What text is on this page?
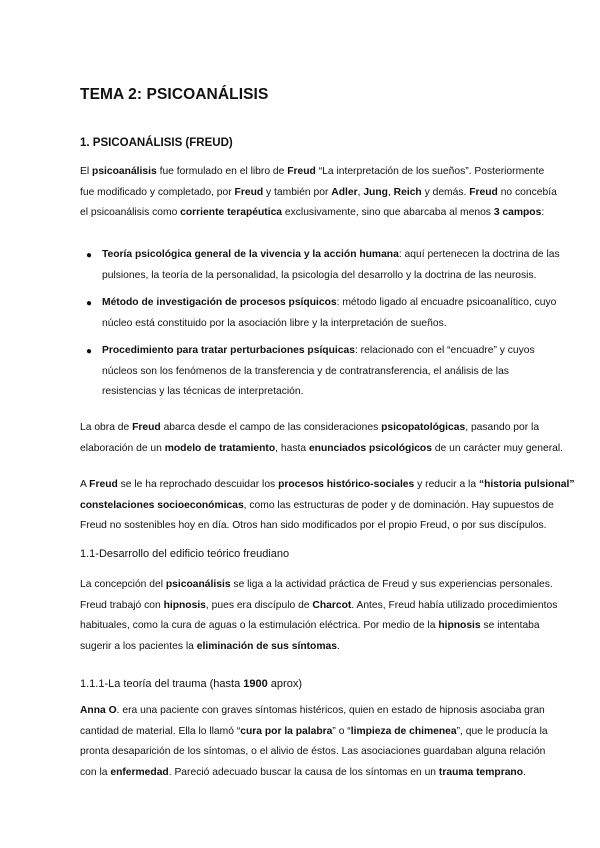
TEMA 2: PSICOANÁLISIS
1. PSICOANÁLISIS (FREUD)
El psicoanálisis fue formulado en el libro de Freud “La interpretación de los sueños”. Posteriormente
fue modificado y completado, por Freud y también por Adler, Jung, Reich y demás. Freud no concebía
el psicoanálisis como corriente terapéutica exclusivamente, sino que abarcaba al menos 3 campos:
● Teoría psicológica general de la vivencia y la acción humana: aquí pertenecen la doctrina de las
pulsiones, la teoría de la personalidad, la psicología del desarrollo y la doctrina de las neurosis.
● Método de investigación de procesos psíquicos: método ligado al encuadre psicoanalítico, cuyo
núcleo está constituido por la asociación libre y la interpretación de sueños.
● Procedimiento para tratar perturbaciones psíquicas: relacionado con el “encuadre” y cuyos
núcleos son los fenómenos de la transferencia y de contratransferencia, el análisis de las
resistencias y las técnicas de interpretación.
La obra de Freud abarca desde el campo de las consideraciones psicopatológicas, pasando por la
elaboración de un modelo de tratamiento, hasta enunciados psicológicos de un carácter muy general.
A Freud se le ha reprochado descuidar los procesos histórico-sociales y reducir a la “historia pulsional”
constelaciones socioeconómicas, como las estructuras de poder y de dominación. Hay supuestos de
Freud no sostenibles hoy en día. Otros han sido modificados por el propio Freud, o por sus discípulos.
1.1-Desarrollo del edificio teórico freudiano
La concepción del psicoanálisis se liga a la actividad práctica de Freud y sus experiencias personales.
Freud trabajó con hipnosis, pues era discípulo de Charcot. Antes, Freud había utilizado procedimientos
habituales, como la cura de aguas o la estimulación eléctrica. Por medio de la hipnosis se intentaba
sugerir a los pacientes la eliminación de sus síntomas.
1.1.1-La teoría del trauma (hasta 1900 aprox)
Anna O. era una paciente con graves síntomas histéricos, quien en estado de hipnosis asociaba gran
cantidad de material. Ella lo llamó “cura por la palabra” o “limpieza de chimenea”, que le producía la
pronta desaparición de los síntomas, o el alivio de éstos. Las asociaciones guardaban alguna relación
con la enfermedad. Pareció adecuado buscar la causa de los síntomas en un trauma temprano.
